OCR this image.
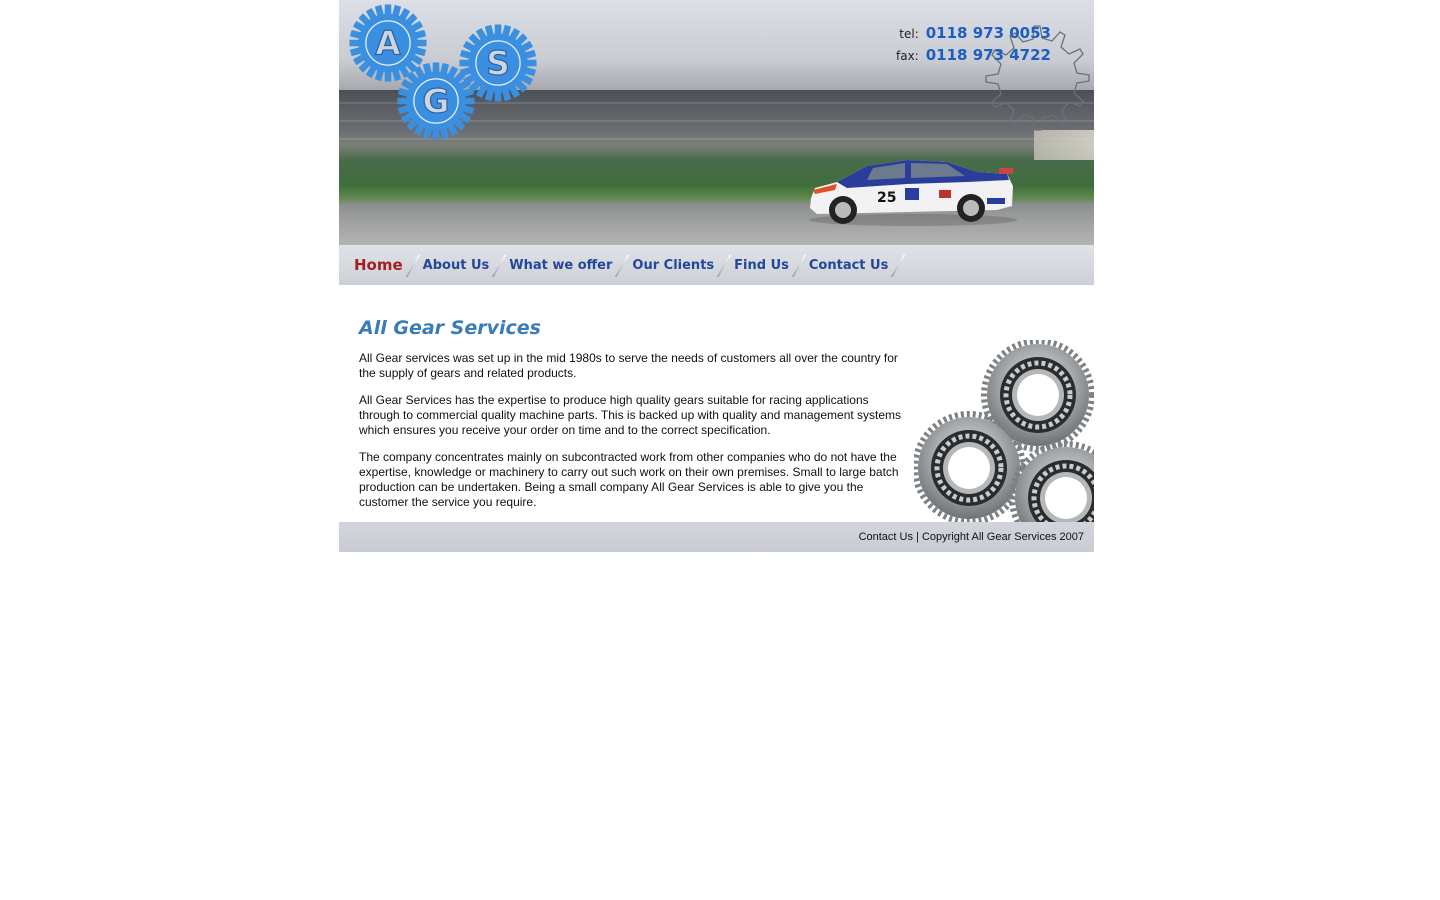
A
G
S
tel: 0118 973 0053
fax: 0118 973 4722
25
Home About Us What we offer Our Clients Find Us Contact Us
All Gear Services

All Gear services was set up in the mid 1980s to serve the needs of customers all over the country for the supply of gears and related products.

All Gear Services has the expertise to produce high quality gears suitable for racing applications through to commercial quality machine parts. This is backed up with quality and management systems which ensures you receive your order on time and to the correct specification.

The company concentrates mainly on subcontracted work from other companies who do not have the expertise, knowledge or machinery to carry out such work on their own premises. Small to large batch production can be undertaken. Being a small company All Gear Services is able to give you the customer the service you require.

Contact Us | Copyright All Gear Services 2007
